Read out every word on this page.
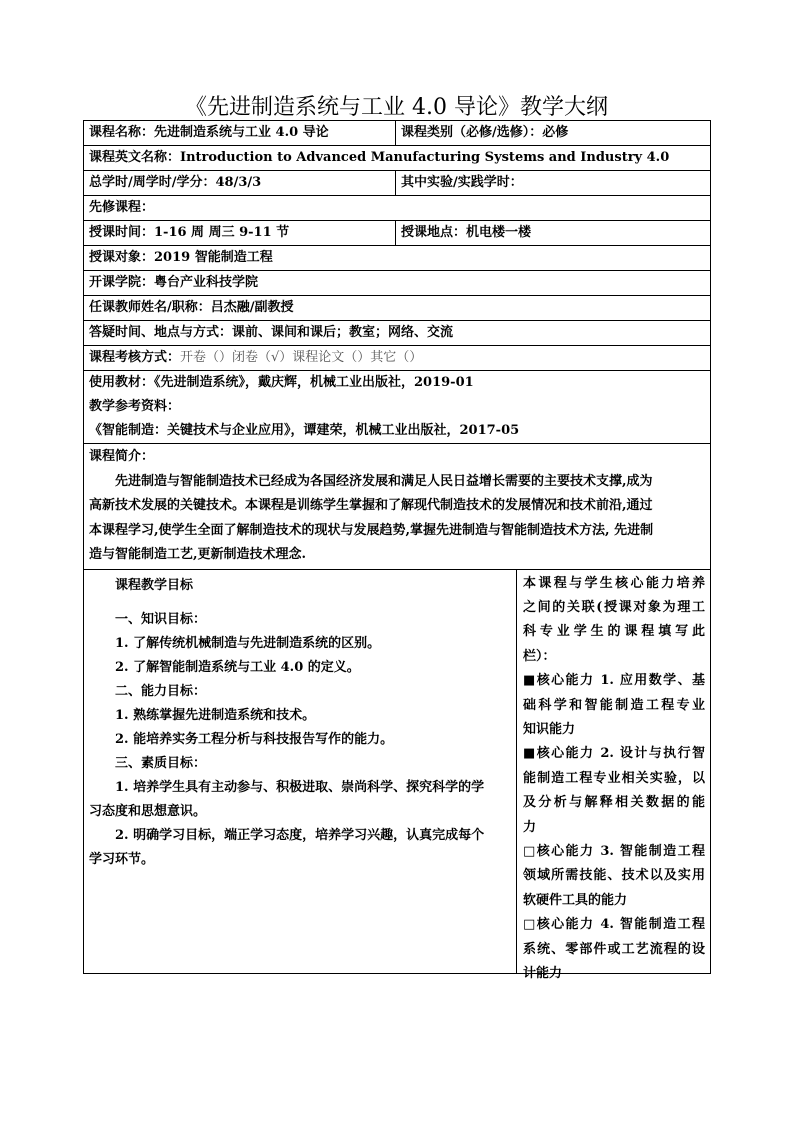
《先进制造系统与工业 4.0 导论》教学大纲
课程名称：先进制造系统与工业 4.0 导论	课程类别（必修/选修）：必修
课程英文名称：Introduction to Advanced Manufacturing Systems and Industry 4.0
总学时/周学时/学分：48/3/3	其中实验/实践学时：
先修课程：
授课时间：1-16 周 周三 9-11 节	授课地点：机电楼一楼
授课对象：2019 智能制造工程
开课学院：粤台产业科技学院
任课教师姓名/职称：吕杰融/副教授
答疑时间、地点与方式：课前、课间和课后；教室；网络、交流
课程考核方式：开卷（）闭卷（√）课程论文（）其它（）
使用教材：《先进制造系统》，戴庆辉，机械工业出版社，2019-01
教学参考资料：
《智能制造：关键技术与企业应用》，谭建荣，机械工业出版社，2017-05
课程简介：
先进制造与智能制造技术已经成为各国经济发展和满足人民日益增长需要的主要技术支撑,成为
高新技术发展的关键技术。本课程是训练学生掌握和了解现代制造技术的发展情况和技术前沿,通过
本课程学习,使学生全面了解制造技术的现状与发展趋势,掌握先进制造与智能制造技术方法, 先进制
造与智能制造工艺,更新制造技术理念.
课程教学目标
一、知识目标：
1. 了解传统机械制造与先进制造系统的区别。
2. 了解智能制造系统与工业 4.0 的定义。
二、能力目标：
1. 熟练掌握先进制造系统和技术。
2. 能培养实务工程分析与科技报告写作的能力。
三、素质目标：
1. 培养学生具有主动参与、积极进取、崇尚科学、探究科学的学
习态度和思想意识。
2. 明确学习目标，端正学习态度，培养学习兴趣，认真完成每个
学习环节。
本课程与学生核心能力培养
之间的关联(授课对象为理工
科专业学生的课程填写此
栏）：
■核心能力 1. 应用数学、基
础科学和智能制造工程专业
知识能力
■核心能力 2. 设计与执行智
能制造工程专业相关实验，以
及分析与解释相关数据的能
力
□核心能力 3. 智能制造工程
领域所需技能、技术以及实用
软硬件工具的能力
□核心能力 4. 智能制造工程
系统、零部件或工艺流程的设
计能力
